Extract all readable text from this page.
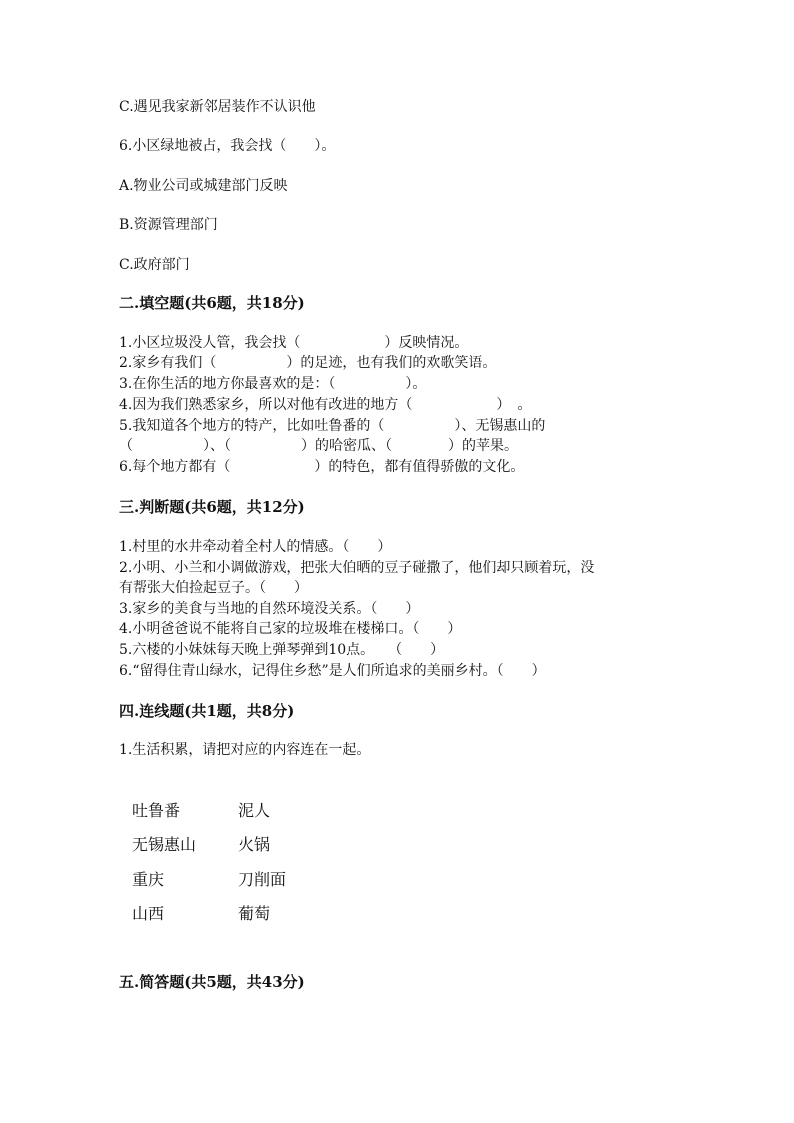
C.遇见我家新邻居装作不认识他
6.小区绿地被占，我会找（　　）。
A.物业公司或城建部门反映
B.资源管理部门
C.政府部门
二.填空题(共6题，共18分)
1.小区垃圾没人管，我会找（　　　　　　）反映情况。
2.家乡有我们（　　　　　）的足迹，也有我们的欢歌笑语。
3.在你生活的地方你最喜欢的是：（　　　　　）。
4.因为我们熟悉家乡，所以对他有改进的地方（　　　　　　）　。
5.我知道各个地方的特产，比如吐鲁番的（　　　　　）、无锡惠山的
（　　　　　）、（　　　　　）的哈密瓜、（　　　　）的苹果。
6.每个地方都有（　　　　　　）的特色，都有值得骄傲的文化。
三.判断题(共6题，共12分)
1.村里的水井牵动着全村人的情感。（　　）
2.小明、小兰和小调做游戏，把张大伯晒的豆子碰撒了，他们却只顾着玩，没
有帮张大伯捡起豆子。（　　）
3.家乡的美食与当地的自然环境没关系。（　　）
4.小明爸爸说不能将自己家的垃圾堆在楼梯口。（　　）
5.六楼的小妹妹每天晚上弹琴弹到10点。　　（　　）
6.“留得住青山绿水，记得住乡愁”是人们所追求的美丽乡村。（　　）
四.连线题(共1题，共8分)
1.生活积累，请把对应的内容连在一起。
吐鲁番
无锡惠山
重庆
山西
泥人
火锅
刀削面
葡萄
五.简答题(共5题，共43分)
